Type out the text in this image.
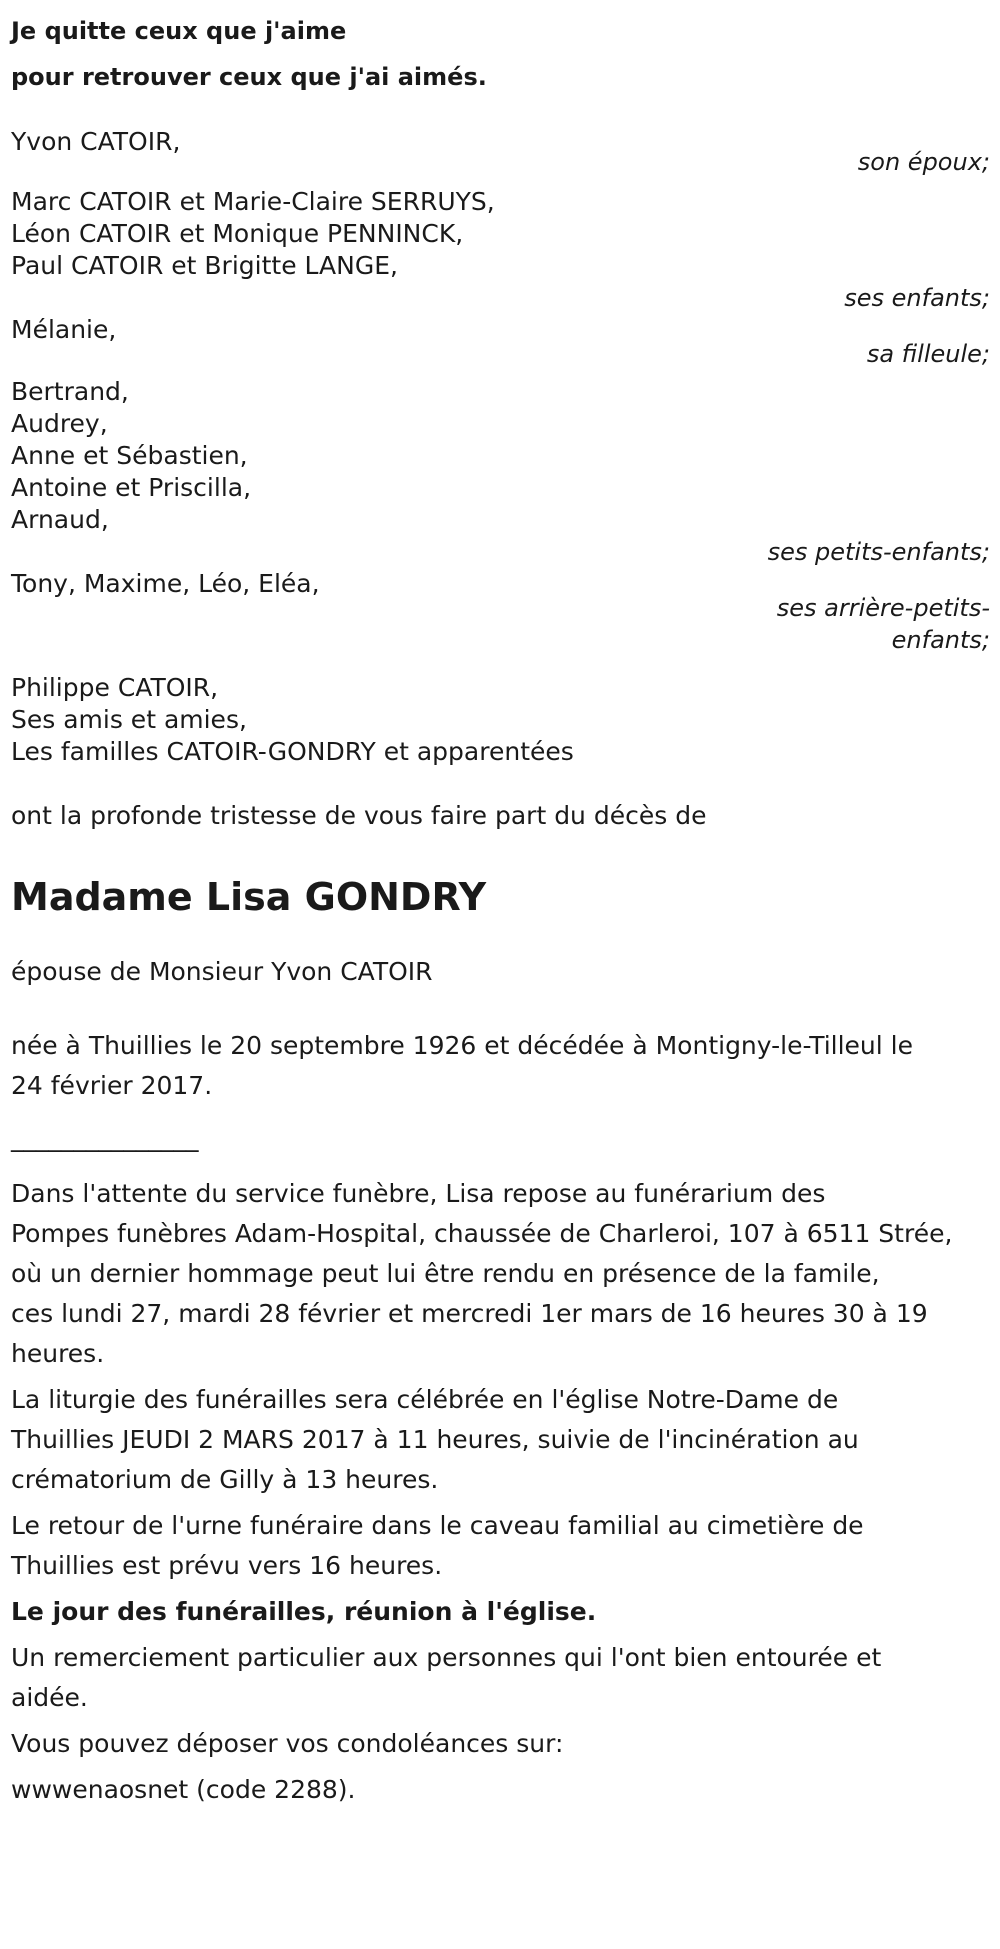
Je quitte ceux que j'aime
pour retrouver ceux que j'ai aimés.
Yvon CATOIR,
son époux;
Marc CATOIR et Marie-Claire SERRUYS,
Léon CATOIR et Monique PENNINCK,
Paul CATOIR et Brigitte LANGE,
ses enfants;
Mélanie,
sa filleule;
Bertrand,
Audrey,
Anne et Sébastien,
Antoine et Priscilla,
Arnaud,
ses petits-enfants;
Tony, Maxime, Léo, Eléa,
ses arrière-petits-
enfants;
Philippe CATOIR,
Ses amis et amies,
Les familles CATOIR-GONDRY et apparentées
ont la profonde tristesse de vous faire part du décès de
Madame Lisa GONDRY
épouse de Monsieur Yvon CATOIR
née à Thuillies le 20 septembre 1926 et décédée à Montigny-le-Tilleul le
24 février 2017.
_______________
Dans l'attente du service funèbre, Lisa repose au funérarium des
Pompes funèbres Adam-Hospital, chaussée de Charleroi, 107 à 6511 Strée,
où un dernier hommage peut lui être rendu en présence de la famile,
ces lundi 27, mardi 28 février et mercredi 1er mars de 16 heures 30 à 19
heures.
La liturgie des funérailles sera célébrée en l'église Notre-Dame de
Thuillies JEUDI 2 MARS 2017 à 11 heures, suivie de l'incinération au
crématorium de Gilly à 13 heures.
Le retour de l'urne funéraire dans le caveau familial au cimetière de
Thuillies est prévu vers 16 heures.
Le jour des funérailles, réunion à l'église.
Un remerciement particulier aux personnes qui l'ont bien entourée et
aidée.
Vous pouvez déposer vos condoléances sur:
wwwenaosnet (code 2288).
